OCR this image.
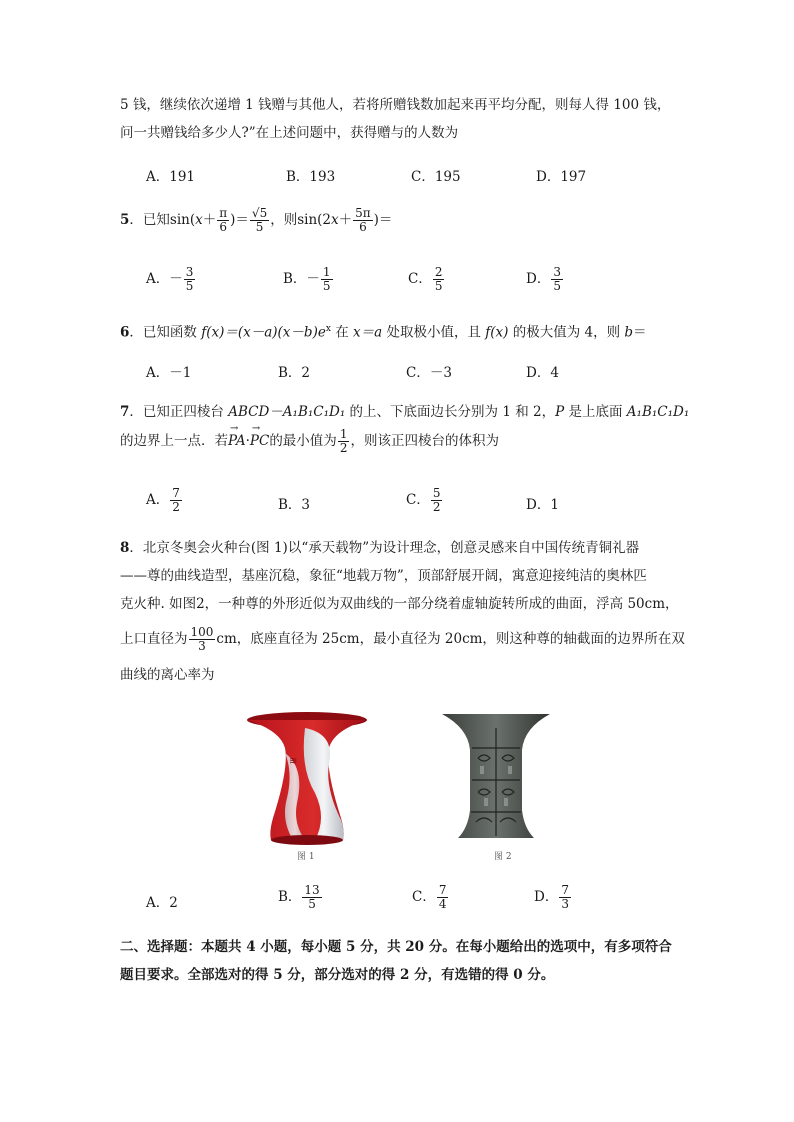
5 钱，继续依次递增 1 钱赠与其他人，若将所赠钱数加起来再平均分配，则每人得 100 钱，
问一共赠钱给多少人?”在上述问题中，获得赠与的人数为
A．191	B．193	C．195	D．197
5．已知$\sin(x+ \frac{\pi}{6}$ )＝ $\frac{√5}{5}$ ，则$\sin(2x+ \frac{5\pi}{6}$ )＝
A．－ $\frac{3}{5}$	B．－ $\frac{1}{5}$	C． $\frac{2}{5}$	D． $\frac{3}{5}$
6．已知函数 $f(x)=(x-a)(x-b)e^x$ 在 x＝a 处取极小值，且 f(x) 的极大值为 4，则 b＝
A．－1	B．2	C．－3	D．4
7．已知正四棱台 ABCD－A₁B₁C₁D₁ 的上、下底面边长分别为 1 和 2，P 是上底面 A₁B₁C₁D₁
的边界上一点．若→ PA·→ PC的最小值为 $\frac{1}{2}$ ，则该正四棱台的体积为
A． $\frac{7}{2}$	B．3	C． $\frac{5}{2}$	D．1
8．北京冬奥会火种台(图 1)以“承天载物”为设计理念，创意灵感来自中国传统青铜礼器
——尊的曲线造型，基座沉稳，象征“地载万物”，顶部舒展开阔，寓意迎接纯洁的奥林匹
克火种. 如图2，一种尊的外形近似为双曲线的一部分绕着虚轴旋转所成的曲面，浮高 50cm，
上口直径为 $\frac{100}{3}$ cm，底座直径为 25cm，最小直径为 20cm，则这种尊的轴截面的边界所在双
曲线的离心率为
≋
图 1	图 2
A．2	B． $\frac{13}{5}$	C． $\frac{7}{4}$	D． $\frac{7}{3}$
二、选择题：本题共 4 小题，每小题 5 分，共 20 分。在每小题给出的选项中，有多项符合
题目要求。全部选对的得 5 分，部分选对的得 2 分，有选错的得 0 分。
